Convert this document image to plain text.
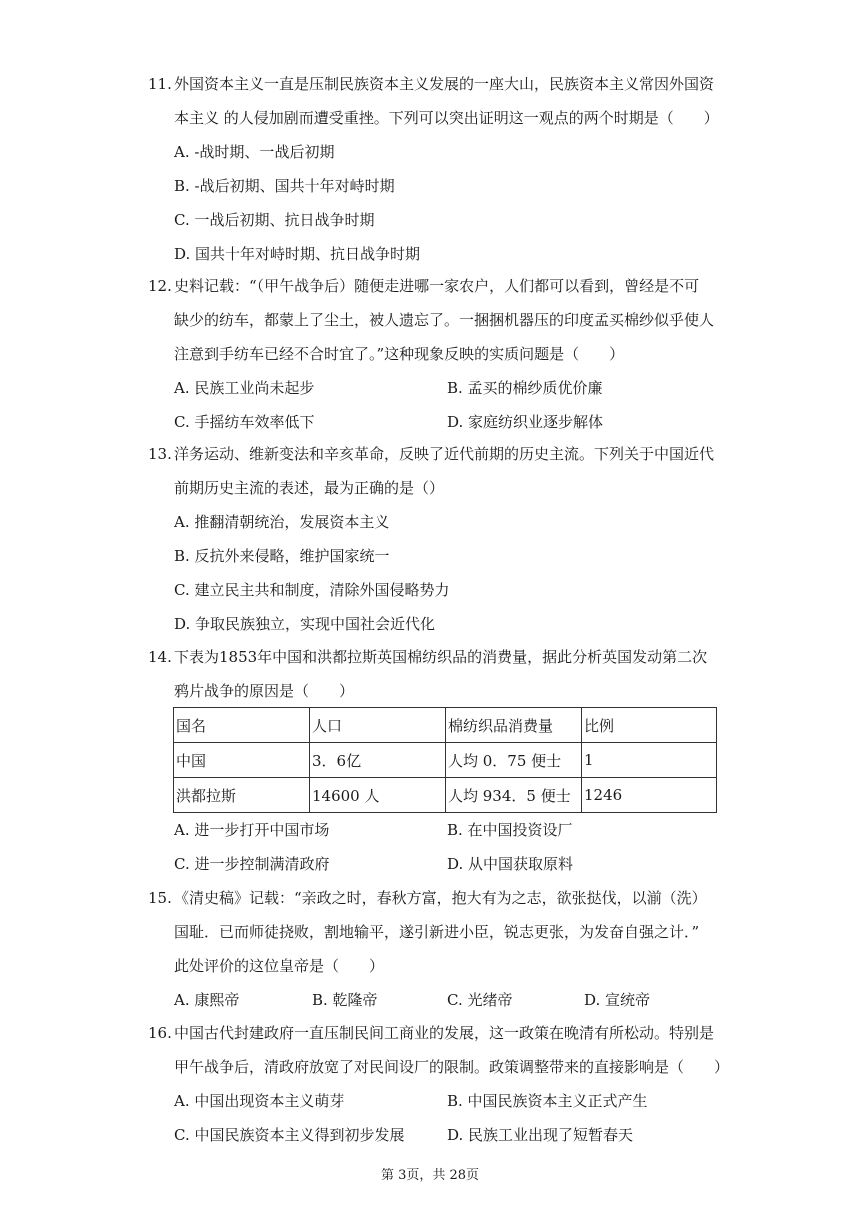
11. 外国资本主义一直是压制民族资本主义发展的一座大山，民族资本主义常因外国资
本主义 的人侵加剧而遭受重挫。下列可以突出证明这一观点的两个时期是（　　）
A. -战时期、一战后初期
B. -战后初期、国共十年对峙时期
C. 一战后初期、抗日战争时期
D. 国共十年对峙时期、抗日战争时期
12. 史料记载：“（甲午战争后）随便走进哪一家农户，人们都可以看到，曾经是不可
缺少的纺车，都蒙上了尘土，被人遗忘了。一捆捆机器压的印度孟买棉纱似乎使人
注意到手纺车已经不合时宜了。”这种现象反映的实质问题是（　　）
A. 民族工业尚未起步	B. 孟买的棉纱质优价廉
C. 手摇纺车效率低下	D. 家庭纺织业逐步解体
13. 洋务运动、维新变法和辛亥革命，反映了近代前期的历史主流。下列关于中国近代
前期历史主流的表述，最为正确的是（）
A. 推翻清朝统治，发展资本主义
B. 反抗外来侵略，维护国家统一
C. 建立民主共和制度，清除外国侵略势力
D. 争取民族独立，实现中国社会近代化
14. 下表为1853年中国和洪都拉斯英国棉纺织品的消费量，据此分析英国发动第二次
鸦片战争的原因是（　　）
国名	人口	棉纺织品消费量	比例
中国	3．6亿	人均 0．75 便士	1
洪都拉斯	14600 人	人均 934．5 便士	1246
A. 进一步打开中国市场	B. 在中国投资设厂
C. 进一步控制满清政府	D. 从中国获取原料
15. 《清史稿》记载：“亲政之时，春秋方富，抱大有为之志，欲张挞伐，以湔（洗）
国耻．已而师徒挠败，割地输平，遂引新进小臣，锐志更张，为发奋自强之计．”
此处评价的这位皇帝是（　　）
A. 康熙帝	B. 乾隆帝	C. 光绪帝	D. 宣统帝
16. 中国古代封建政府一直压制民间工商业的发展，这一政策在晚清有所松动。特别是
甲午战争后，清政府放宽了对民间设厂的限制。政策调整带来的直接影响是（　　）
A. 中国出现资本主义萌芽	B. 中国民族资本主义正式产生
C. 中国民族资本主义得到初步发展	D. 民族工业出现了短暂春天
第 3页，共 28页
